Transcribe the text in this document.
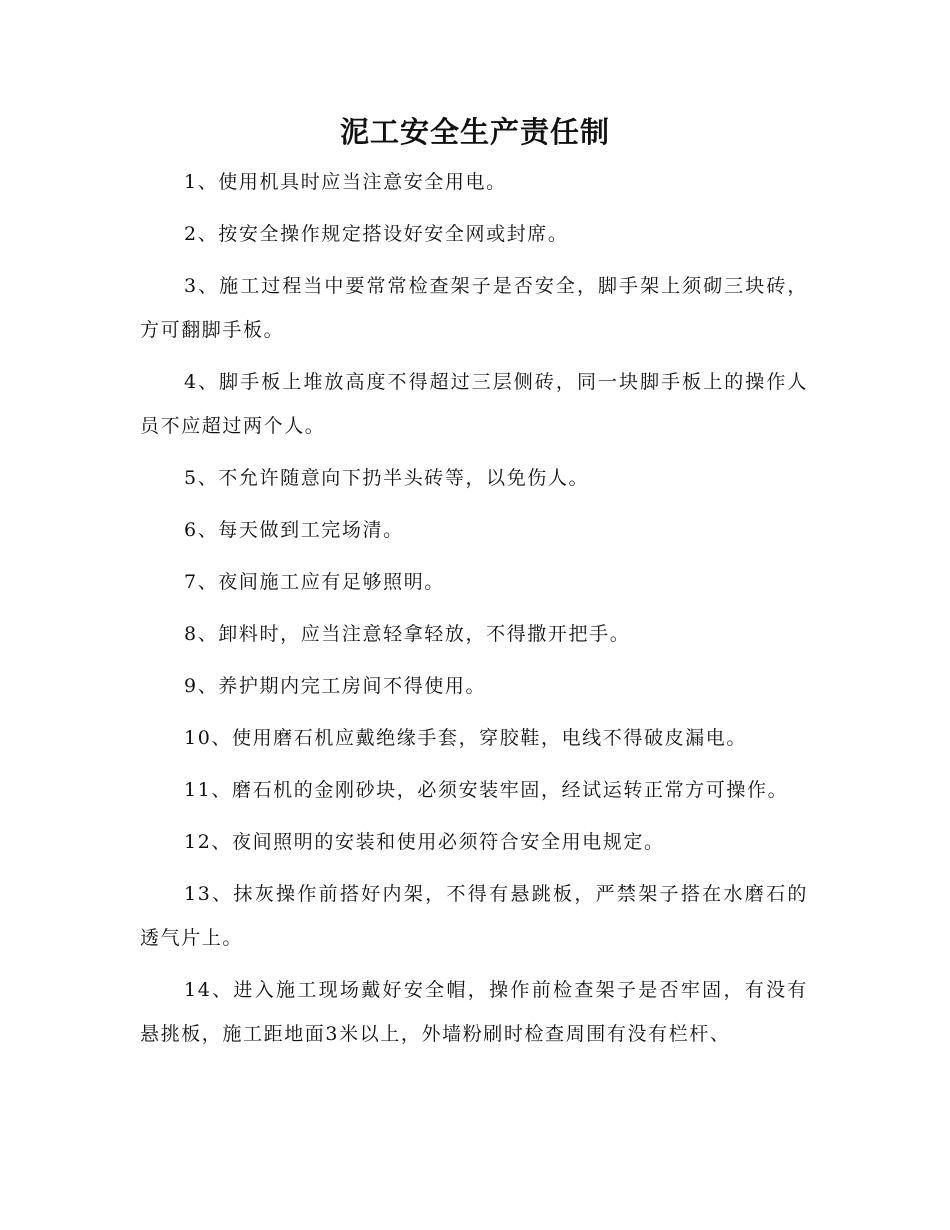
泥工安全生产责任制

1、使用机具时应当注意安全用电。

2、按安全操作规定搭设好安全网或封席。

3、施工过程当中要常常检查架子是否安全，脚手架上须砌三块砖，方可翻脚手板。

4、脚手板上堆放高度不得超过三层侧砖，同一块脚手板上的操作人员不应超过两个人。

5、不允许随意向下扔半头砖等，以免伤人。

6、每天做到工完场清。

7、夜间施工应有足够照明。

8、卸料时，应当注意轻拿轻放，不得撒开把手。

9、养护期内完工房间不得使用。

10、使用磨石机应戴绝缘手套，穿胶鞋，电线不得破皮漏电。

11、磨石机的金刚砂块，必须安装牢固，经试运转正常方可操作。

12、夜间照明的安装和使用必须符合安全用电规定。

13、抹灰操作前搭好内架，不得有悬跳板，严禁架子搭在水磨石的透气片上。

14、进入施工现场戴好安全帽，操作前检查架子是否牢固，有没有悬挑板，施工距地面3米以上，外墙粉刷时检查周围有没有栏杆、
